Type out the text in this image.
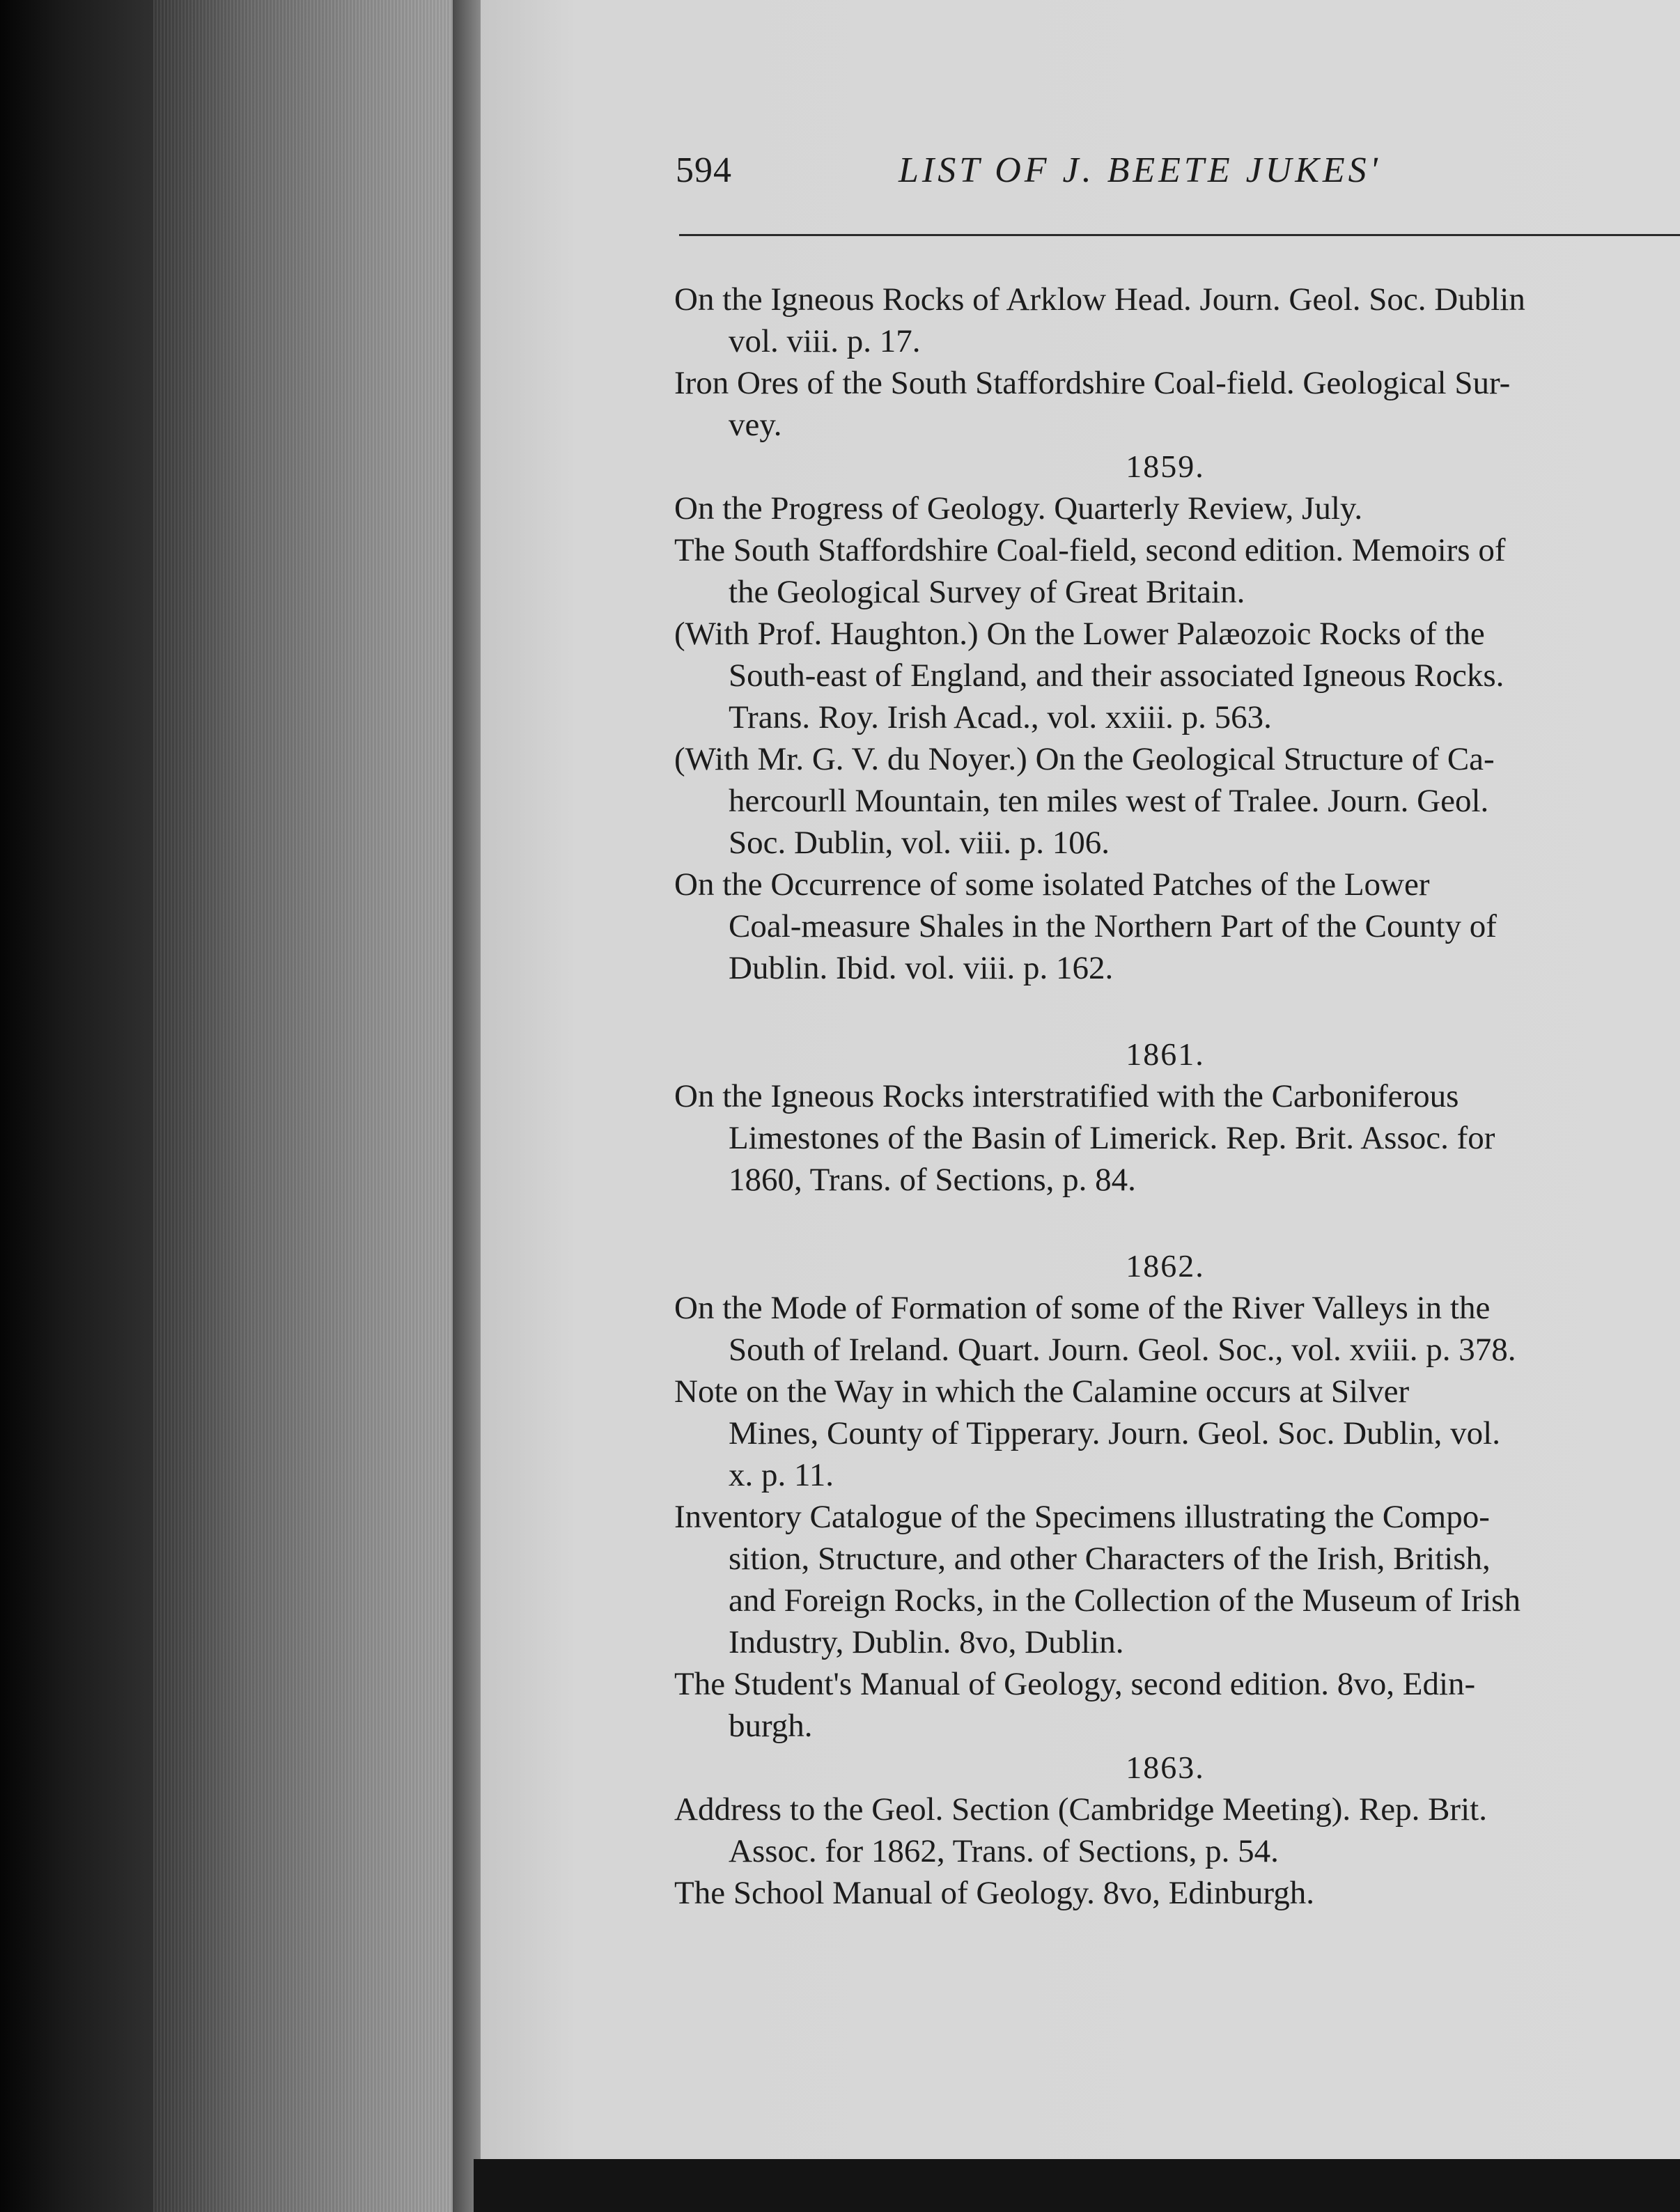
594	LIST OF J. BEETE JUKES'

On the Igneous Rocks of Arklow Head. Journ. Geol. Soc. Dublin
vol. viii. p. 17.

Iron Ores of the South Staffordshire Coal-field. Geological Sur-
vey.

1859.

On the Progress of Geology. Quarterly Review, July.

The South Staffordshire Coal-field, second edition. Memoirs of
the Geological Survey of Great Britain.

(With Prof. Haughton.) On the Lower Palæozoic Rocks of the
South-east of England, and their associated Igneous Rocks.
Trans. Roy. Irish Acad., vol. xxiii. p. 563.

(With Mr. G. V. du Noyer.) On the Geological Structure of Ca-
hercourll Mountain, ten miles west of Tralee. Journ. Geol.
Soc. Dublin, vol. viii. p. 106.

On the Occurrence of some isolated Patches of the Lower
Coal-measure Shales in the Northern Part of the County of
Dublin. Ibid. vol. viii. p. 162.

1861.

On the Igneous Rocks interstratified with the Carboniferous
Limestones of the Basin of Limerick. Rep. Brit. Assoc. for
1860, Trans. of Sections, p. 84.

1862.

On the Mode of Formation of some of the River Valleys in the
South of Ireland. Quart. Journ. Geol. Soc., vol. xviii. p. 378.

Note on the Way in which the Calamine occurs at Silver
Mines, County of Tipperary. Journ. Geol. Soc. Dublin, vol.
x. p. 11.

Inventory Catalogue of the Specimens illustrating the Compo-
sition, Structure, and other Characters of the Irish, British,
and Foreign Rocks, in the Collection of the Museum of Irish
Industry, Dublin. 8vo, Dublin.

The Student's Manual of Geology, second edition. 8vo, Edin-
burgh.

1863.

Address to the Geol. Section (Cambridge Meeting). Rep. Brit.
Assoc. for 1862, Trans. of Sections, p. 54.

The School Manual of Geology. 8vo, Edinburgh.
